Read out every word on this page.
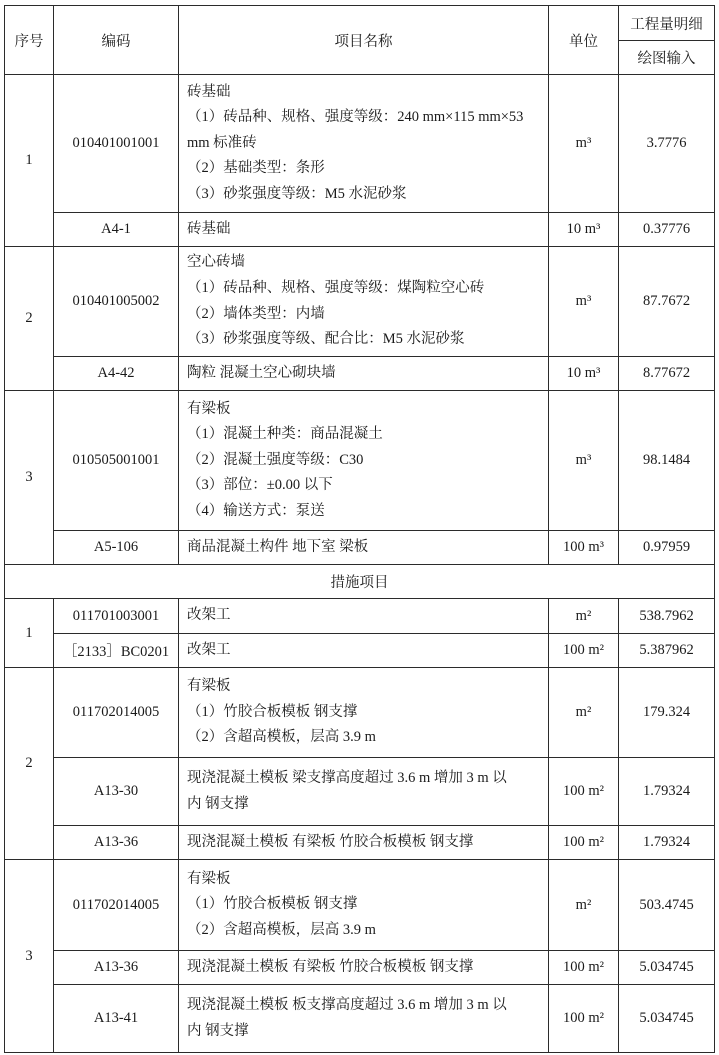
序号	编码	项目名称	单位	工程量明细
				绘图输入
1	010401001001	砖基础
（1）砖品种、规格、强度等级：240 mm×115 mm×53
mm 标准砖
（2）基础类型：条形
（3）砂浆强度等级：M5 水泥砂浆	m³	3.7776
	A4-1	砖基础	10 m³	0.37776
2	010401005002	空心砖墙
（1）砖品种、规格、强度等级：煤陶粒空心砖
（2）墙体类型：内墙
（3）砂浆强度等级、配合比：M5 水泥砂浆	m³	87.7672
	A4-42	陶粒 混凝土空心砌块墙	10 m³	8.77672
3	010505001001	有梁板
（1）混凝土种类：商品混凝土
（2）混凝土强度等级：C30
（3）部位：±0.00 以下
（4）输送方式：泵送	m³	98.1484
	A5-106	商品混凝土构件 地下室 梁板	100 m³	0.97959
措施项目				
1	011701003001	改架工	m²	538.7962
	［2133］BC0201	改架工	100 m²	5.387962
2	011702014005	有梁板
（1）竹胶合板模板 钢支撑
（2）含超高模板，层高 3.9 m	m²	179.324
	A13-30	现浇混凝土模板 梁支撑高度超过 3.6 m 增加 3 m 以
内 钢支撑	100 m²	1.79324
	A13-36	现浇混凝土模板 有梁板 竹胶合板模板 钢支撑	100 m²	1.79324
3	011702014005	有梁板
（1）竹胶合板模板 钢支撑
（2）含超高模板，层高 3.9 m	m²	503.4745
	A13-36	现浇混凝土模板 有梁板 竹胶合板模板 钢支撑	100 m²	5.034745
	A13-41	现浇混凝土模板 板支撑高度超过 3.6 m 增加 3 m 以
内 钢支撑	100 m²	5.034745
